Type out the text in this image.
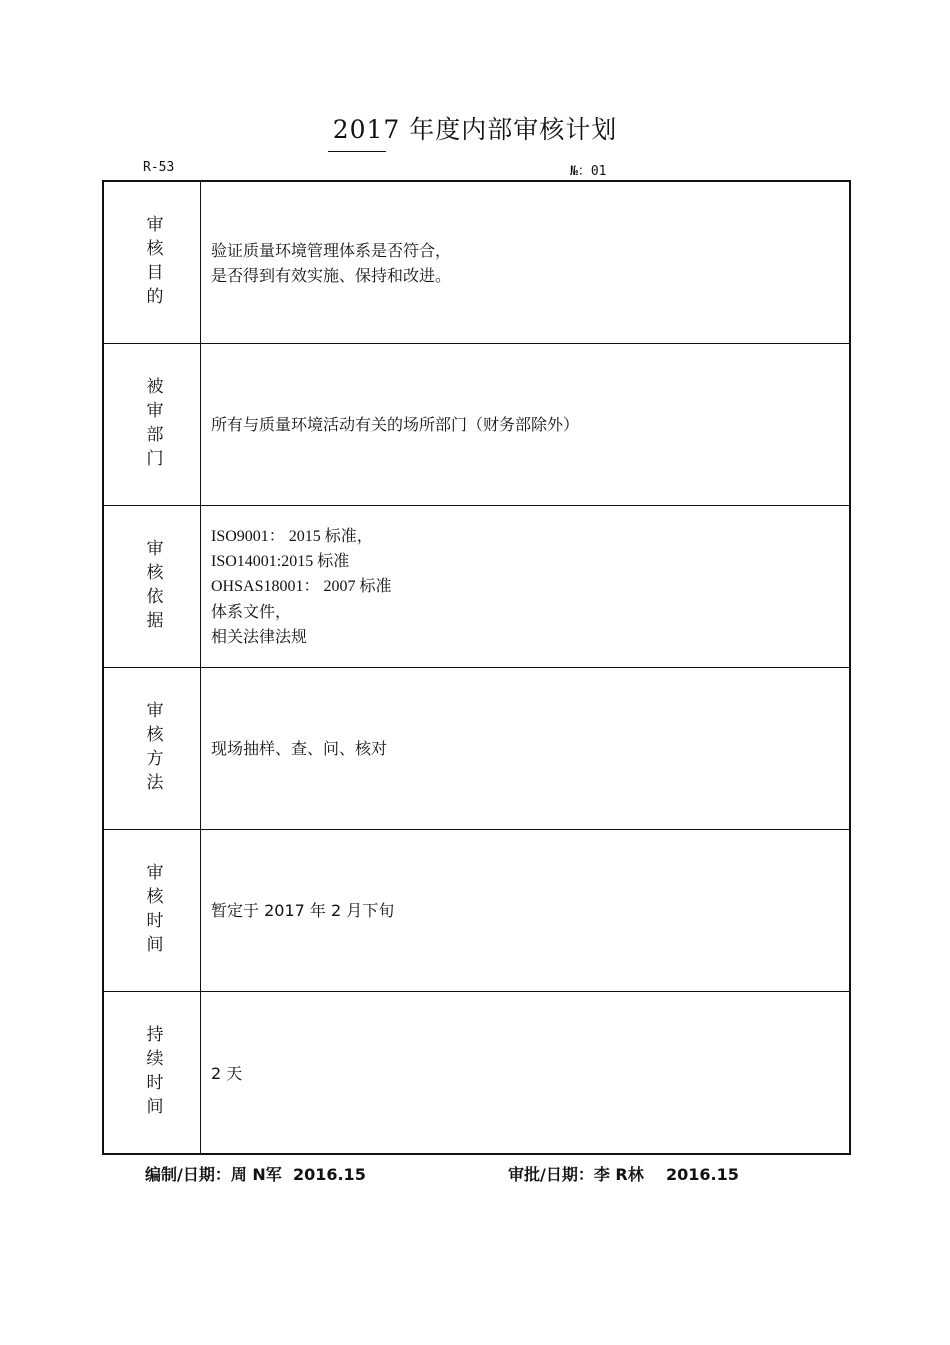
2017 年度内部审核计划
R-53	№：01
审核目的	验证质量环境管理体系是否符合，
是否得到有效实施、保持和改进。
被审部门	所有与质量环境活动有关的场所部门（财务部除外）
审核依据
ISO9001： 2015 标准，
ISO14001:2015 标准
OHSAS18001： 2007 标准
体系文件，
相关法律法规
审核方法	现场抽样、查、问、核对
审核时间	暂定于 2017 年 2 月下旬
持续时间	2 天
编制/日期：周 N军  2016.15	审批/日期：李 R林    2016.15
